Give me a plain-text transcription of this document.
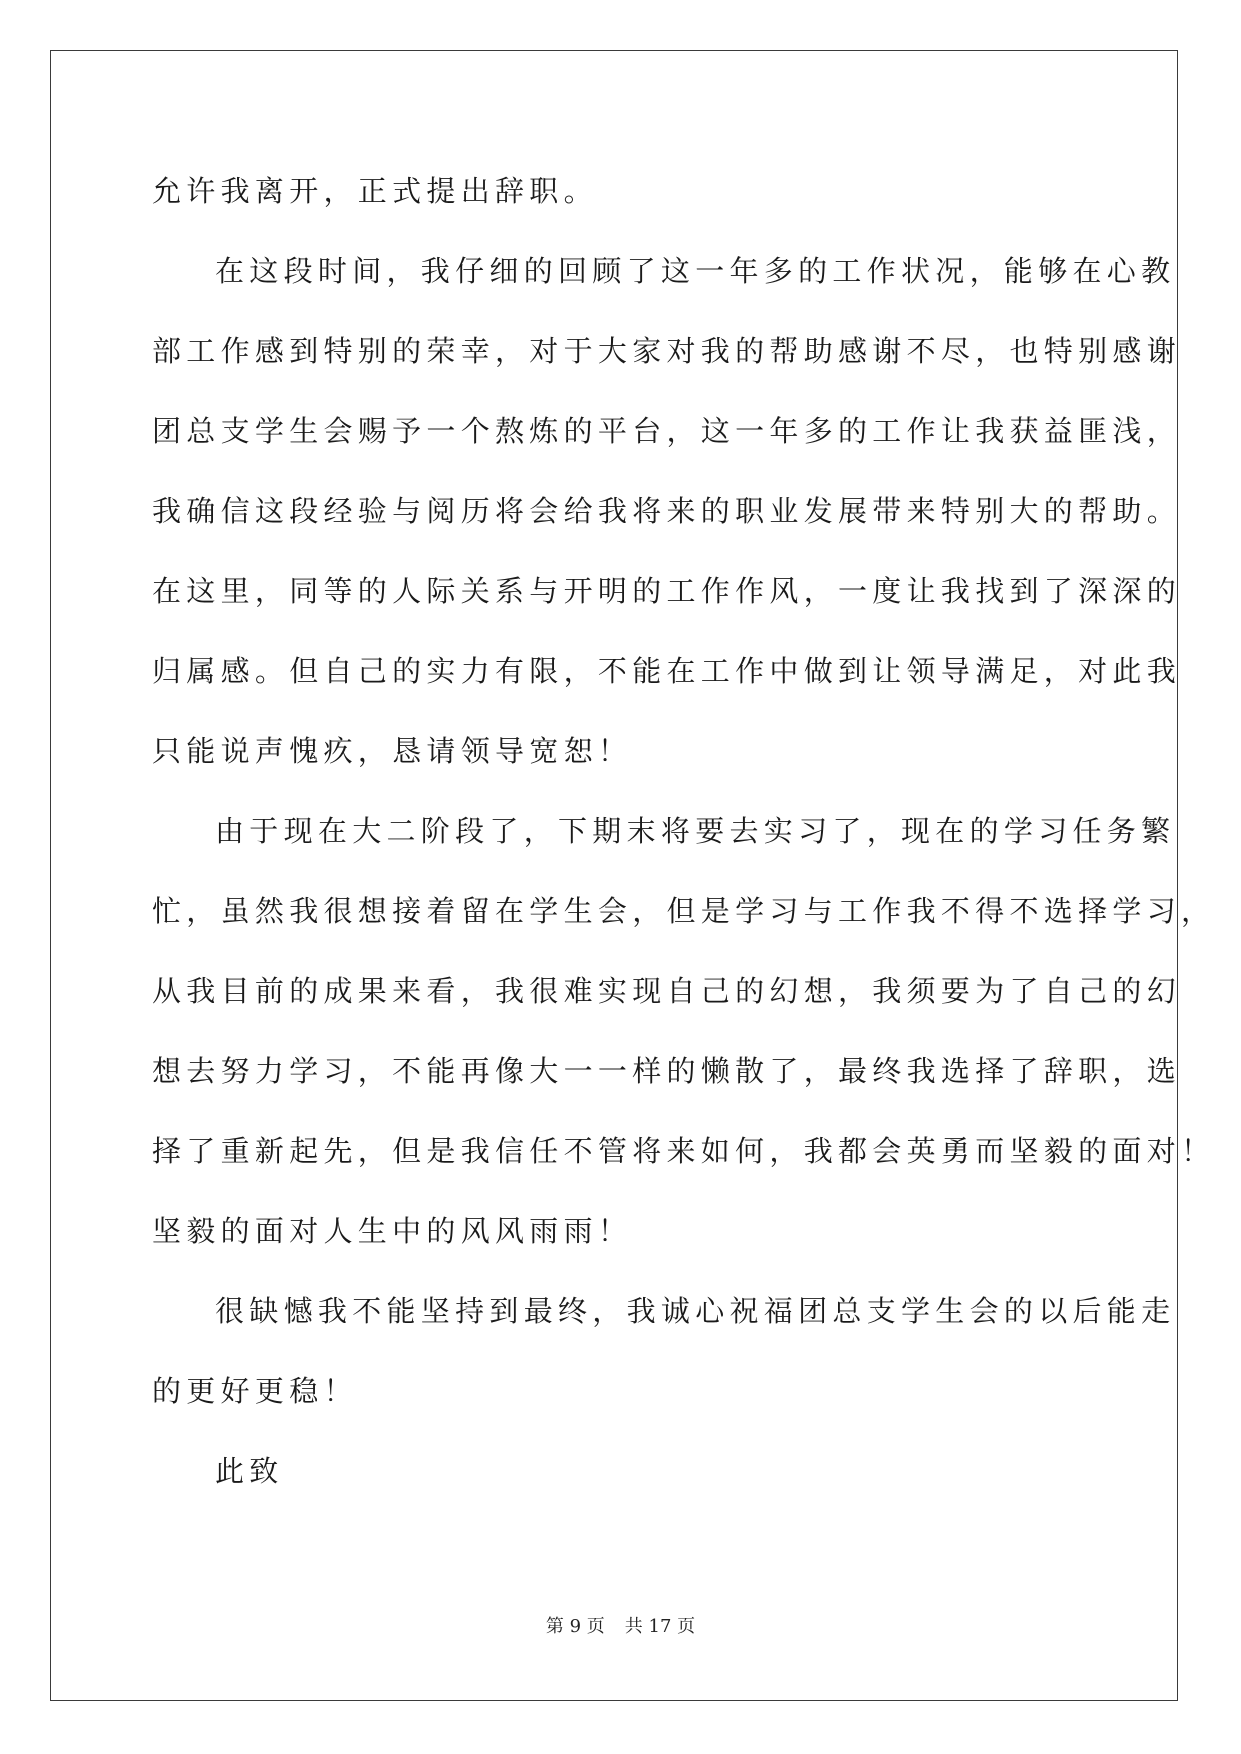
允许我离开，正式提出辞职。
在这段时间，我仔细的回顾了这一年多的工作状况，能够在心教
部工作感到特别的荣幸，对于大家对我的帮助感谢不尽，也特别感谢
团总支学生会赐予一个熬炼的平台，这一年多的工作让我获益匪浅，
我确信这段经验与阅历将会给我将来的职业发展带来特别大的帮助。
在这里，同等的人际关系与开明的工作作风，一度让我找到了深深的
归属感。但自己的实力有限，不能在工作中做到让领导满足，对此我
只能说声愧疚，恳请领导宽恕！
由于现在大二阶段了，下期末将要去实习了，现在的学习任务繁
忙，虽然我很想接着留在学生会，但是学习与工作我不得不选择学习，
从我目前的成果来看，我很难实现自己的幻想，我须要为了自己的幻
想去努力学习，不能再像大一一样的懒散了，最终我选择了辞职，选
择了重新起先，但是我信任不管将来如何，我都会英勇而坚毅的面对！
坚毅的面对人生中的风风雨雨！
很缺憾我不能坚持到最终，我诚心祝福团总支学生会的以后能走
的更好更稳！
此致
第 9 页 共 17 页
